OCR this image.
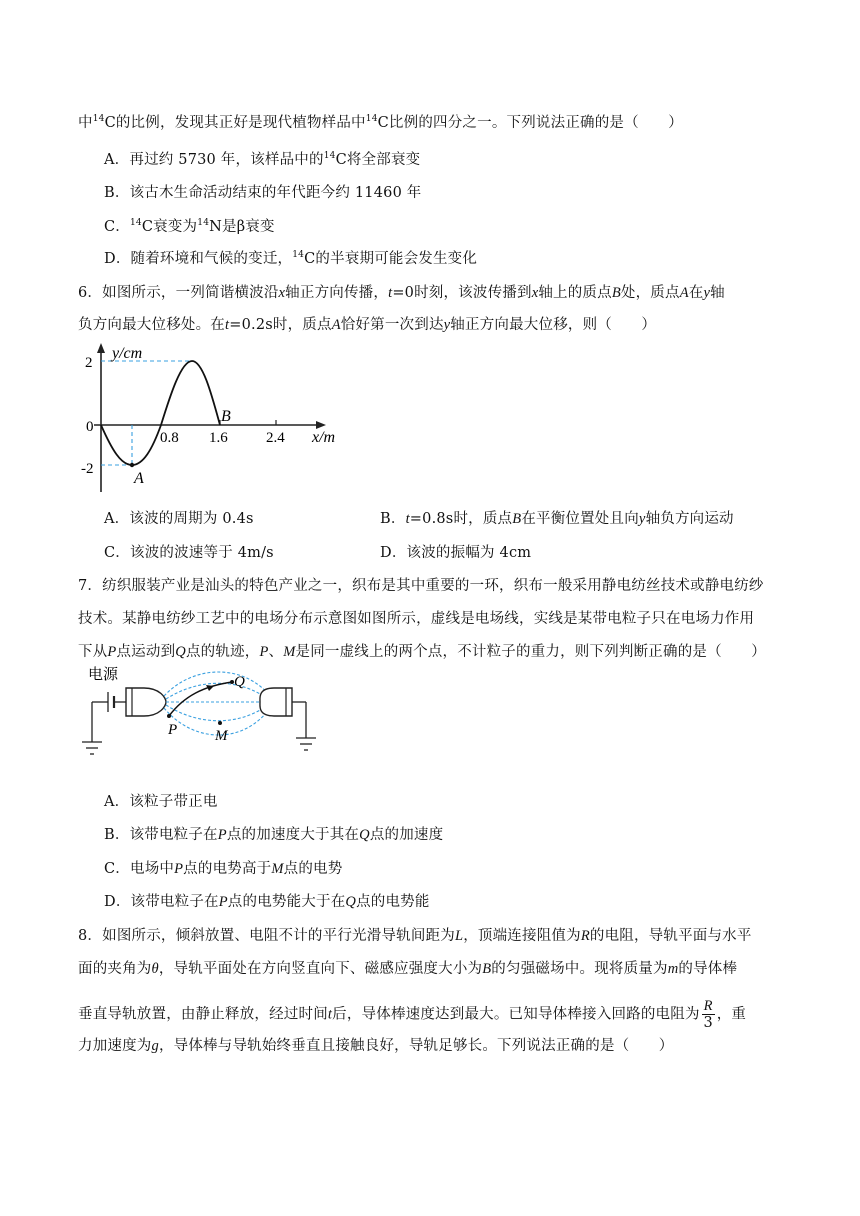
中$^{14}$C的比例，发现其正好是现代植物样品中$^{14}$C比例的四分之一。下列说法正确的是（　　）
A．再过约 5730 年，该样品中的$^{14}$C将全部衰变
B．该古木生命活动结束的年代距今约 11460 年
C．$^{14}$C衰变为$^{14}$N是β衰变
D．随着环境和气候的变迁，$^{14}$C的半衰期可能会发生变化
6．如图所示，一列简谐横波沿x轴正方向传播，t=0时刻，该波传播到x轴上的质点B处，质点A在y轴
负方向最大位移处。在t=0.2s时，质点A恰好第一次到达y轴正方向最大位移，则（　　）
y/cm
2
0
-2
0.8 1.6	2.4 x/m
B
A
A．该波的周期为 0.4s	B．t=0.8s时，质点B在平衡位置处且向y轴负方向运动
C．该波的波速等于 4m/s	D．该波的振幅为 4cm
7．纺织服装产业是汕头的特色产业之一，织布是其中重要的一环，织布一般采用静电纺丝技术或静电纺纱
技术。某静电纺纱工艺中的电场分布示意图如图所示，虚线是电场线，实线是某带电粒子只在电场力作用
下从P点运动到Q点的轨迹，P、M是同一虚线上的两个点，不计粒子的重力，则下列判断正确的是（　　）
电源	Q
P	M
A．该粒子带正电
B．该带电粒子在P点的加速度大于其在Q点的加速度
C．电场中P点的电势高于M点的电势
D．该带电粒子在P点的电势能大于在Q点的电势能
8．如图所示，倾斜放置、电阻不计的平行光滑导轨间距为L，顶端连接阻值为R的电阻，导轨平面与水平
面的夹角为θ，导轨平面处在方向竖直向下、磁感应强度大小为B的匀强磁场中。现将质量为m的导体棒
垂直导轨放置，由静止释放，经过时间t后，导体棒速度达到最大。已知导体棒接入回路的电阻为 $\frac{R}{3}$ ，重
力加速度为g，导体棒与导轨始终垂直且接触良好，导轨足够长。下列说法正确的是（　　）
